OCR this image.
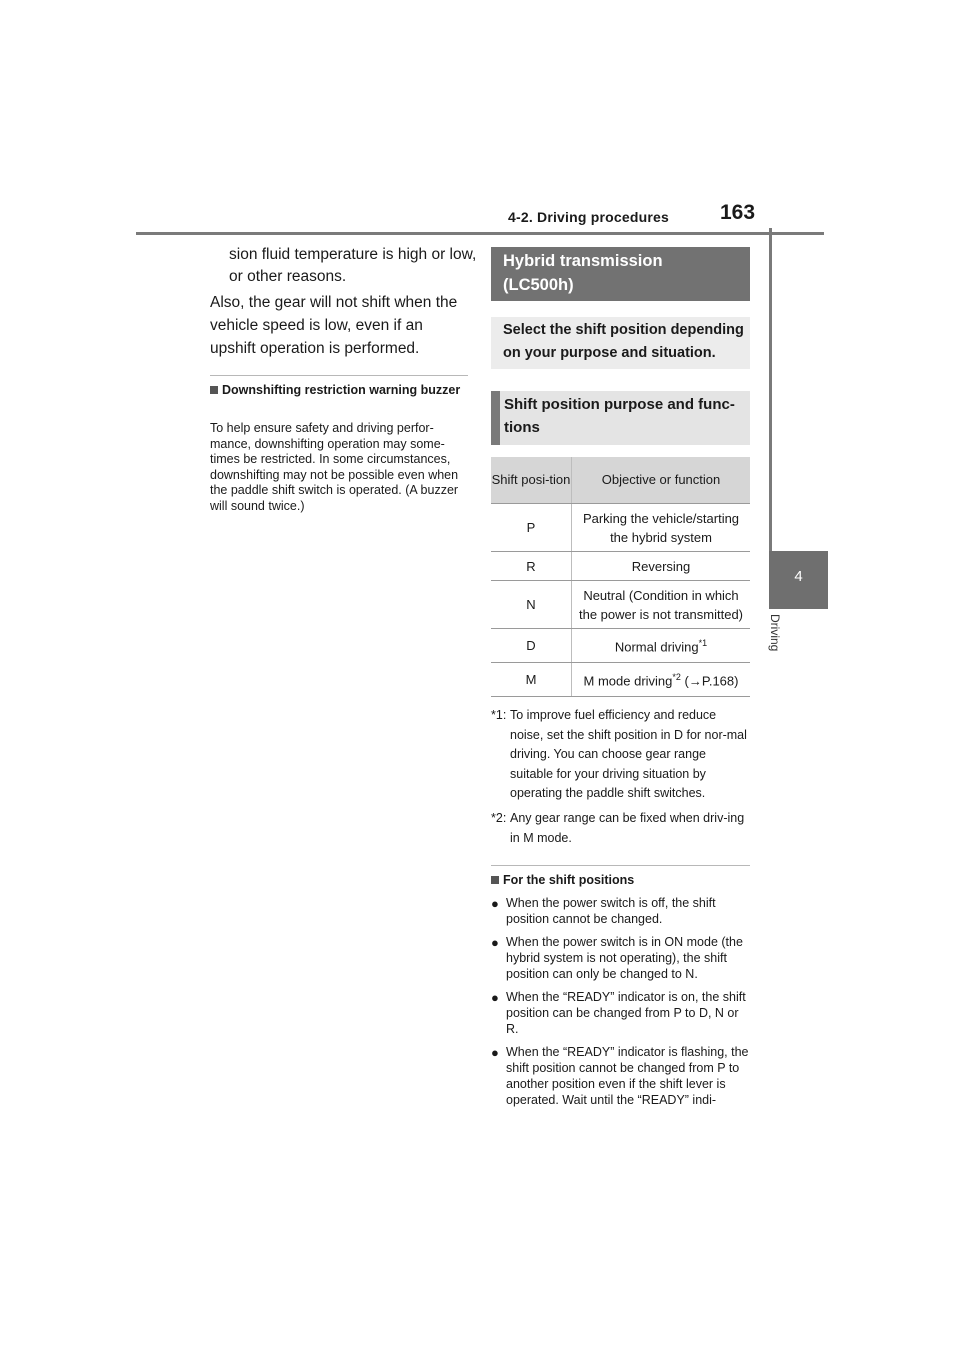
4-2. Driving procedures 163
4
Driving
sion fluid temperature is high or low,
or other reasons.
Also, the gear will not shift when the vehicle speed is low, even if an upshift operation is performed.
Downshifting restriction warning buzzer
To help ensure safety and driving perfor-mance, downshifting operation may some-times be restricted. In some circumstances, downshifting may not be possible even when the paddle shift switch is operated. (A buzzer will sound twice.)
Hybrid transmission
(LC500h)
Select the shift position depending
on your purpose and situation.
Shift position purpose and func-
tions
Shift posi-tion	Objective or function
P	Parking the vehicle/starting
the hybrid system
R	Reversing
N	Neutral (Condition in which
the power is not transmitted)
D	Normal driving$^{*1}$
M	M mode driving$^{*2}$ (→P.168)
*1: To improve fuel efficiency and reduce noise, set the shift position in D for nor-mal driving. You can choose gear range suitable for your driving situation by operating the paddle shift switches.
*2: Any gear range can be fixed when driv-ing in M mode.
For the shift positions
● When the power switch is off, the shift position cannot be changed.
● When the power switch is in ON mode (the hybrid system is not operating), the shift position can only be changed to N.
● When the “READY” indicator is on, the shift position can be changed from P to D, N or R.
● When the “READY” indicator is flashing, the shift position cannot be changed from P to another position even if the shift lever is operated. Wait until the “READY” indi-
